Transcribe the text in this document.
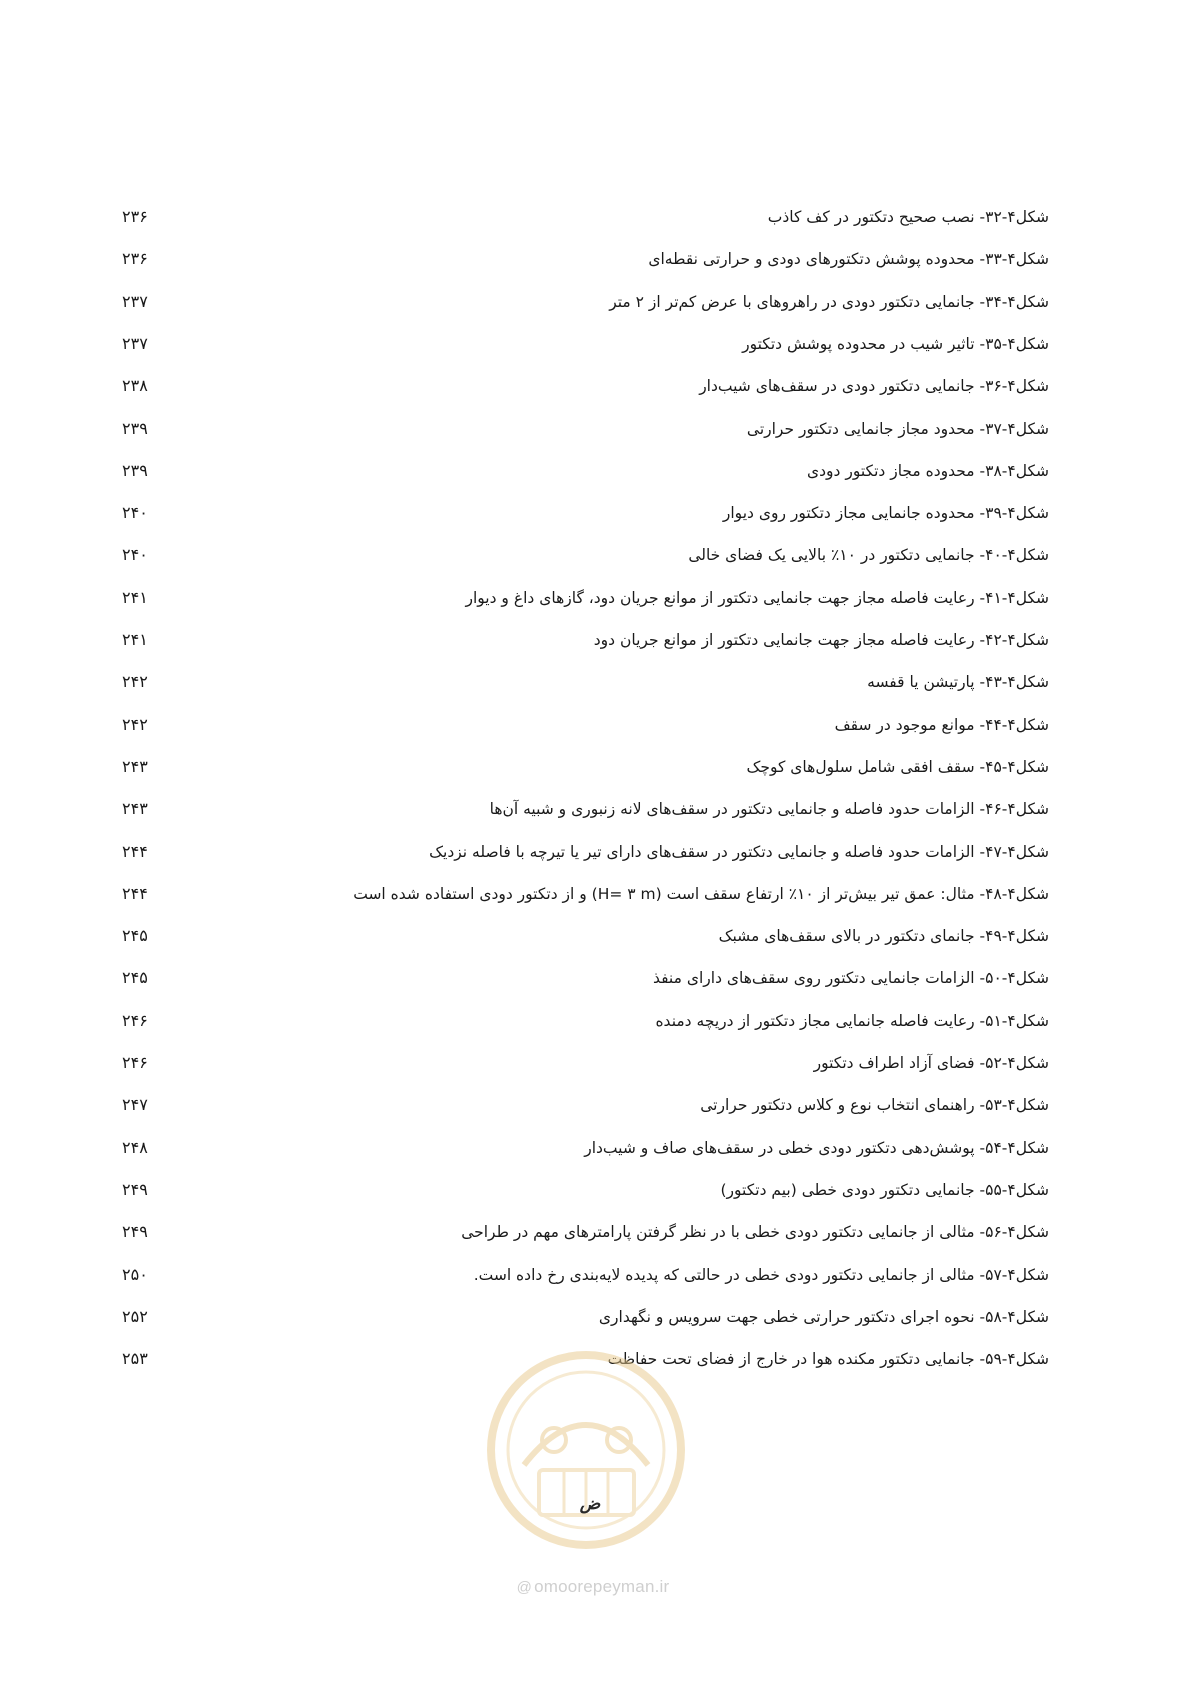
شکل۴-۳۲- نصب صحیح دتکتور در کف کاذب
۲۳۶
شکل۴-۳۳- محدوده پوشش دتکتورهای دودی و حرارتی نقطه‌ای
۲۳۶
شکل۴-۳۴- جانمایی دتکتور دودی در راهروهای با عرض کم‌تر از ۲ متر
۲۳۷
شکل۴-۳۵- تاثیر شیب در محدوده پوشش دتکتور
۲۳۷
شکل۴-۳۶- جانمایی دتکتور دودی در سقف‌های شیب‌دار
۲۳۸
شکل۴-۳۷- محدود مجاز جانمایی دتکتور حرارتی
۲۳۹
شکل۴-۳۸- محدوده مجاز دتکتور دودی
۲۳۹
شکل۴-۳۹- محدوده جانمایی مجاز دتکتور روی دیوار
۲۴۰
شکل۴-۴۰- جانمایی دتکتور در ۱۰٪ بالایی یک فضای خالی
۲۴۰
شکل۴-۴۱- رعایت فاصله مجاز جهت جانمایی دتکتور از موانع جریان دود، گازهای داغ و دیوار
۲۴۱
شکل۴-۴۲- رعایت فاصله مجاز جهت جانمایی دتکتور از موانع جریان دود
۲۴۱
شکل۴-۴۳- پارتیشن یا قفسه
۲۴۲
شکل۴-۴۴- موانع موجود در سقف
۲۴۲
شکل۴-۴۵- سقف افقی شامل سلول‌های کوچک
۲۴۳
شکل۴-۴۶- الزامات حدود فاصله و جانمایی دتکتور در سقف‌های لانه زنبوری و شبیه آن‌ها
۲۴۳
شکل۴-۴۷- الزامات حدود فاصله و جانمایی دتکتور در سقف‌های دارای تیر یا تیرچه با فاصله نزدیک
۲۴۴
شکل۴-۴۸- مثال: عمق تیر بیش‌تر از ۱۰٪ ارتفاع سقف است (H= ۳ m) و از دتکتور دودی استفاده شده است
۲۴۴
شکل۴-۴۹- جانمای دتکتور در بالای سقف‌های مشبک
۲۴۵
شکل۴-۵۰- الزامات جانمایی دتکتور روی سقف‌های دارای منفذ
۲۴۵
شکل۴-۵۱- رعایت فاصله جانمایی مجاز دتکتور از دریچه دمنده
۲۴۶
شکل۴-۵۲- فضای آزاد اطراف دتکتور
۲۴۶
شکل۴-۵۳- راهنمای انتخاب نوع و کلاس دتکتور حرارتی
۲۴۷
شکل۴-۵۴- پوشش‌دهی دتکتور دودی خطی در سقف‌های صاف و شیب‌دار
۲۴۸
شکل۴-۵۵- جانمایی دتکتور دودی خطی (بیم دتکتور)
۲۴۹
شکل۴-۵۶- مثالی از جانمایی دتکتور دودی خطی با در نظر گرفتن پارامترهای مهم در طراحی
۲۴۹
شکل۴-۵۷- مثالی از جانمایی دتکتور دودی خطی در حالتی که پدیده لایه‌بندی رخ داده است.
۲۵۰
شکل۴-۵۸- نحوه اجرای دتکتور حرارتی خطی جهت سرویس و نگهداری
۲۵۲
شکل۴-۵۹- جانمایی دتکتور مکنده هوا در خارج از فضای تحت حفاظت
۲۵۳
ض
@ omoorepeyman.ir
